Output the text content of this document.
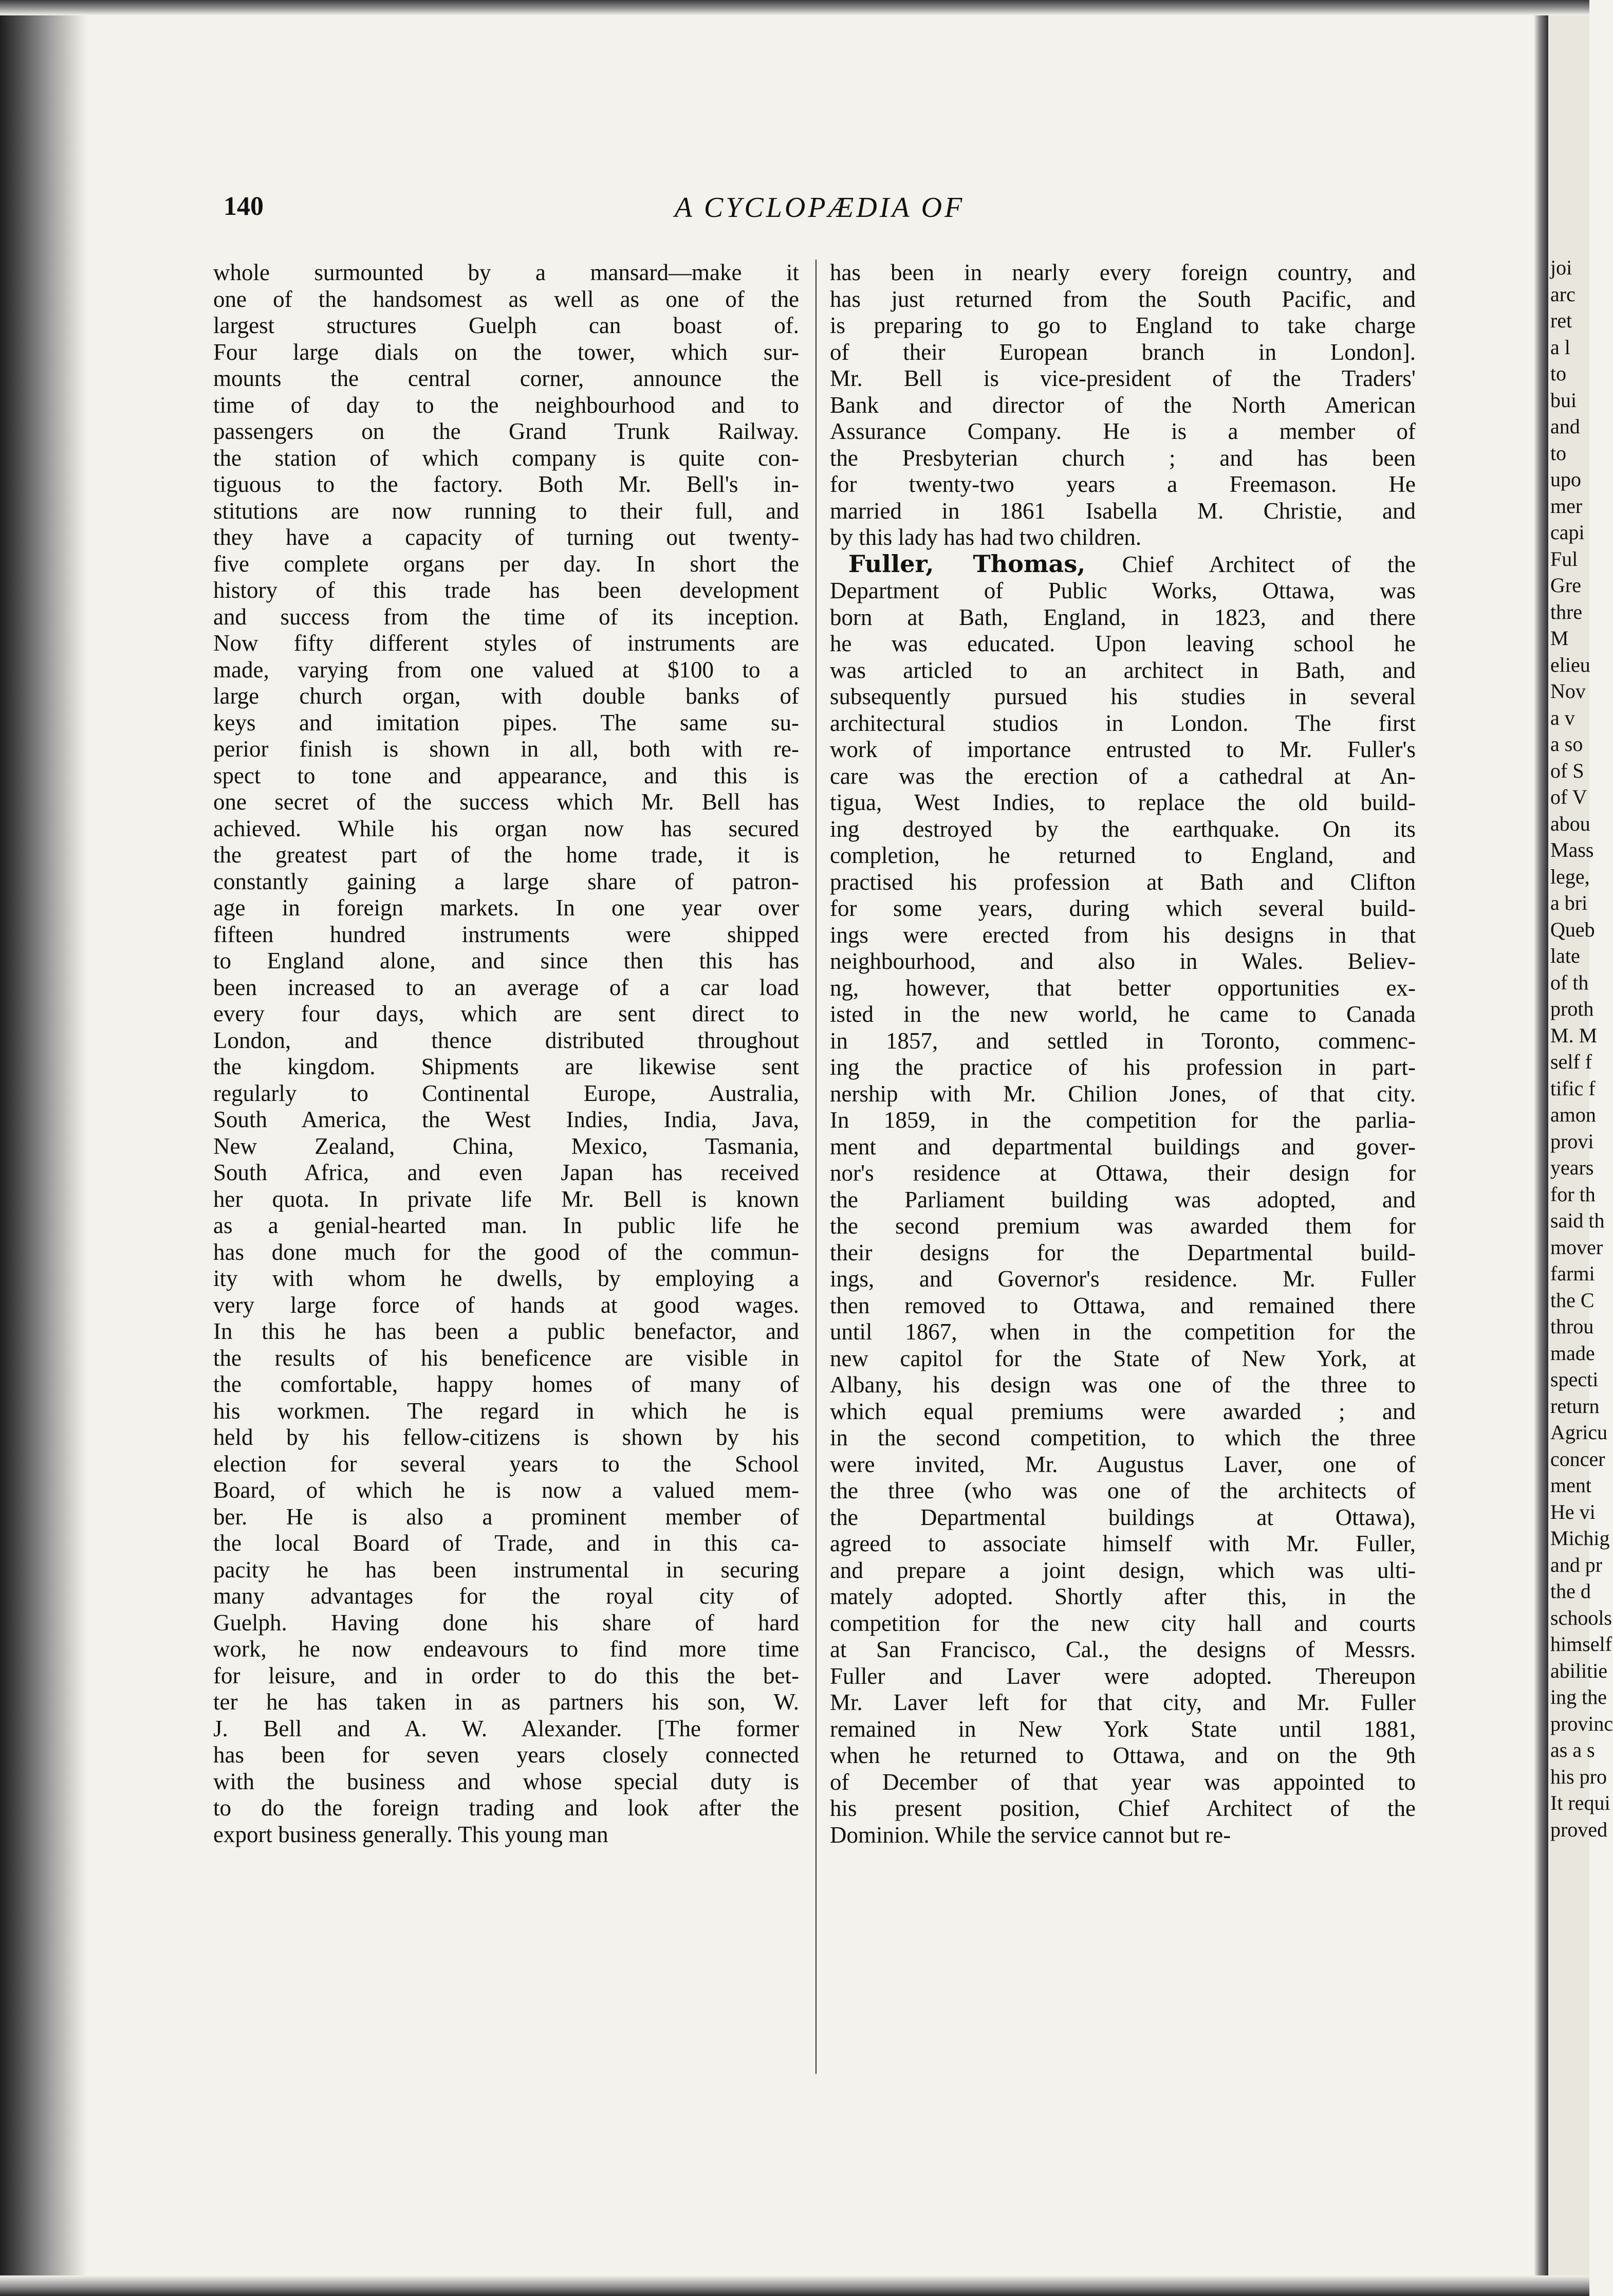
140	A CYCLOPÆDIA OF
whole surmounted by a mansard—make it
one of the handsomest as well as one of the
largest structures Guelph can boast of.
Four large dials on the tower, which sur-
mounts the central corner, announce the
time of day to the neighbourhood and to
passengers on the Grand Trunk Railway.
the station of which company is quite con-
tiguous to the factory. Both Mr. Bell's in-
stitutions are now running to their full, and
they have a capacity of turning out twenty-
five complete organs per day. In short the
history of this trade has been development
and success from the time of its inception.
Now fifty different styles of instruments are
made, varying from one valued at $100 to a
large church organ, with double banks of
keys and imitation pipes. The same su-
perior finish is shown in all, both with re-
spect to tone and appearance, and this is
one secret of the success which Mr. Bell has
achieved. While his organ now has secured
the greatest part of the home trade, it is
constantly gaining a large share of patron-
age in foreign markets. In one year over
fifteen hundred instruments were shipped
to England alone, and since then this has
been increased to an average of a car load
every four days, which are sent direct to
London, and thence distributed throughout
the kingdom. Shipments are likewise sent
regularly to Continental Europe, Australia,
South America, the West Indies, India, Java,
New Zealand, China, Mexico, Tasmania,
South Africa, and even Japan has received
her quota. In private life Mr. Bell is known
as a genial-hearted man. In public life he
has done much for the good of the commun-
ity with whom he dwells, by employing a
very large force of hands at good wages.
In this he has been a public benefactor, and
the results of his beneficence are visible in
the comfortable, happy homes of many of
his workmen. The regard in which he is
held by his fellow-citizens is shown by his
election for several years to the School
Board, of which he is now a valued mem-
ber. He is also a prominent member of
the local Board of Trade, and in this ca-
pacity he has been instrumental in securing
many advantages for the royal city of
Guelph. Having done his share of hard
work, he now endeavours to find more time
for leisure, and in order to do this the bet-
ter he has taken in as partners his son, W.
J. Bell and A. W. Alexander. [The former
has been for seven years closely connected
with the business and whose special duty is
to do the foreign trading and look after the
export business generally. This young man
has been in nearly every foreign country, and
has just returned from the South Pacific, and
is preparing to go to England to take charge
of their European branch in London].
Mr. Bell is vice-president of the Traders'
Bank and director of the North American
Assurance Company. He is a member of
the Presbyterian church ; and has been
for twenty-two years a Freemason. He
married in 1861 Isabella M. Christie, and
by this lady has had two children.
Fuller, Thomas, Chief Architect of the
Department of Public Works, Ottawa, was
born at Bath, England, in 1823, and there
he was educated. Upon leaving school he
was articled to an architect in Bath, and
subsequently pursued his studies in several
architectural studios in London. The first
work of importance entrusted to Mr. Fuller's
care was the erection of a cathedral at An-
tigua, West Indies, to replace the old build-
ing destroyed by the earthquake. On its
completion, he returned to England, and
practised his profession at Bath and Clifton
for some years, during which several build-
ings were erected from his designs in that
neighbourhood, and also in Wales. Believ-
ng, however, that better opportunities ex-
isted in the new world, he came to Canada
in 1857, and settled in Toronto, commenc-
ing the practice of his profession in part-
nership with Mr. Chilion Jones, of that city.
In 1859, in the competition for the parlia-
ment and departmental buildings and gover-
nor's residence at Ottawa, their design for
the Parliament building was adopted, and
the second premium was awarded them for
their designs for the Departmental build-
ings, and Governor's residence. Mr. Fuller
then removed to Ottawa, and remained there
until 1867, when in the competition for the
new capitol for the State of New York, at
Albany, his design was one of the three to
which equal premiums were awarded ; and
in the second competition, to which the three
were invited, Mr. Augustus Laver, one of
the three (who was one of the architects of
the Departmental buildings at Ottawa),
agreed to associate himself with Mr. Fuller,
and prepare a joint design, which was ulti-
mately adopted. Shortly after this, in the
competition for the new city hall and courts
at San Francisco, Cal., the designs of Messrs.
Fuller and Laver were adopted. Thereupon
Mr. Laver left for that city, and Mr. Fuller
remained in New York State until 1881,
when he returned to Ottawa, and on the 9th
of December of that year was appointed to
his present position, Chief Architect of the
Dominion. While the service cannot but re-
joi
arc
ret
a l
to
bui
and
to
upo
mer
capi
Ful
Gre
thre
M
elieu
Nov
a v
a so
of S
of V
abou
Mass
lege,
a bri
Queb
late
of th
proth
M. M
self f
tific f
amon
provi
years
for th
said th
mover
farmi
the C
throu
made
specti
return
Agricu
concer
ment
He vi
Michig
and pr
the d
schools
himself
abilitie
ing the
provinc
as a s
his pro
It requi
proved
